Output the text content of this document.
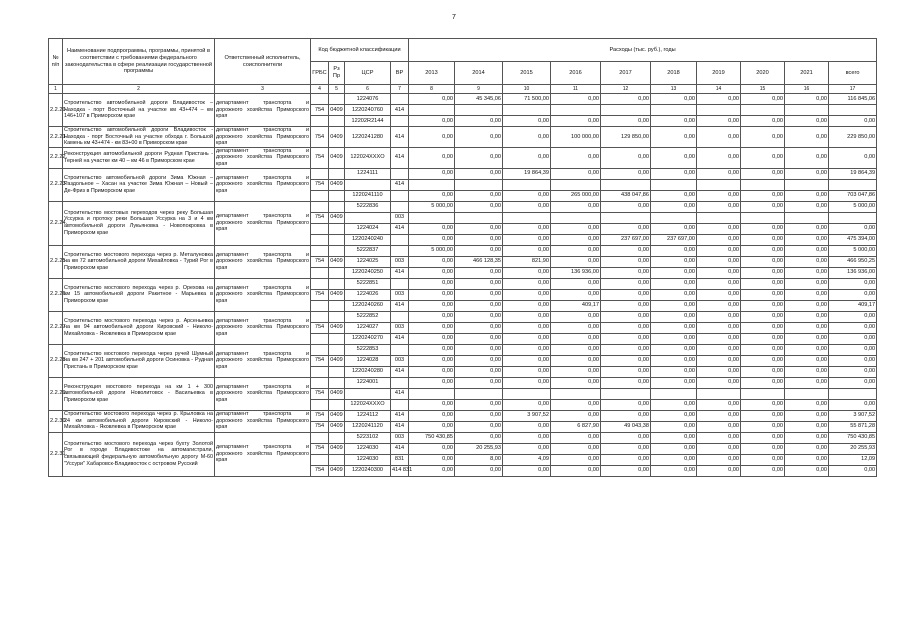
7
№ п/п	Наименование подпрограммы, программы, принятой в соответствии с требованиями федерального законодательства в сфере реализации государственной программы	Ответственный исполнитель, соисполнители	Код бюджетной классификации				Расходы (тыс. руб.), годы									
			ГРБС	Рз Пр	ЦСР	ВР	2013	2014	2015	2016	2017	2018	2019	2020	2021	всего
1	2	3	4	5	6	7	8	9	10	11	12	13	14	15	16	17
2.2.20.	Строительство автомобильной дороги Владивосток – Находка - порт Восточный на участке км 43+474 – км 146+107 в Приморском крае	департамент транспорта и дорожного хозяйства Приморского края			1224076		0,00	45 345,06	71 500,00	0,00	0,00	0,00	0,00	0,00	0,00	116 845,06
			754	0409	1220240760	414										
					12202R2144		0,00	0,00	0,00	0,00	0,00	0,00	0,00	0,00	0,00	0,00
2.2.21.	Строительство автомобильной дороги Владивосток - Находка - порт Восточный на участке обхода г. Большой Камень км 43+474 - км 83+00 в Приморском крае	департамент транспорта и дорожного хозяйства Приморского края	754	0409	1220241280	414	0,00	0,00	0,00	100 000,00	129 850,00	0,00	0,00	0,00	0,00	229 850,00
2.2.22.	Реконструкция автомобильной дороги Рудная Пристань - Терней на участке км 40 – км 46 в Приморском крае	департамент транспорта и дорожного хозяйства Приморского края	754	0409	122024XXXO	414	0,00	0,00	0,00	0,00	0,00	0,00	0,00	0,00	0,00	0,00
2.2.23.	Строительство автомобильной дороги Зима Южная – Раздольное – Хасан на участке Зима Южная – Новый – Де-Фриз в Приморском крае	департамент транспорта и дорожного хозяйства Приморского края			1224111		0,00	0,00	19 864,39	0,00	0,00	0,00	0,00	0,00	0,00	19 864,39
			754	0409		414										
					1220241110		0,00	0,00	0,00	265 000,00	438 047,86	0,00	0,00	0,00	0,00	703 047,86
2.2.24.	Строительство мостовых переходов через реку Большая Уссурка и протоку реки Большая Уссурка на 3 и 4 км автомобильной дороги Лукьяновка - Новопокровка в Приморском крае	департамент транспорта и дорожного хозяйства Приморского края			5222836		5 000,00	0,00	0,00	0,00	0,00	0,00	0,00	0,00	0,00	5 000,00
			754	0409		003										
					1224024	414	0,00	0,00	0,00	0,00	0,00	0,00	0,00	0,00	0,00	0,00
					1220240240		0,00	0,00	0,00	0,00	237 697,00	237 697,00	0,00	0,00	0,00	475 394,00
2.2.25.	Строительство мостового перехода через р. Металуновка на км 72 автомобильной дороги Михайловка - Турий Рог в Приморском крае	департамент транспорта и дорожного хозяйства Приморского края			5222837		5 000,00	0,00	0,00	0,00	0,00	0,00	0,00	0,00	0,00	5 000,00
			754	0409	1224025	003	0,00	466 128,35	821,90	0,00	0,00	0,00	0,00	0,00	0,00	466 950,25
					1220240250	414	0,00	0,00	0,00	136 936,00	0,00	0,00	0,00	0,00	0,00	136 936,00
2.2.26.	Строительство мостового перехода через р. Орехова на км 15 автомобильной дороги Ракитное - Марьевка в Приморском крае	департамент транспорта и дорожного хозяйства Приморского края			5222851		0,00	0,00	0,00	0,00	0,00	0,00	0,00	0,00	0,00	0,00
			754	0409	1224026	003	0,00	0,00	0,00	0,00	0,00	0,00	0,00	0,00	0,00	0,00
					1220240260	414	0,00	0,00	0,00	409,17	0,00	0,00	0,00	0,00	0,00	409,17
2.2.27.	Строительство мостового перехода через р. Арсеньевка на км 94 автомобильной дороги Кировский - Николо-Михайловка - Яковлевка в Приморском крае	департамент транспорта и дорожного хозяйства Приморского края			5222852		0,00	0,00	0,00	0,00	0,00	0,00	0,00	0,00	0,00	0,00
			754	0409	1224027	003	0,00	0,00	0,00	0,00	0,00	0,00	0,00	0,00	0,00	0,00
					1220240270	414	0,00	0,00	0,00	0,00	0,00	0,00	0,00	0,00	0,00	0,00
2.2.28.	Строительство мостового перехода через ручей Шумный на км 247 + 201 автомобильной дороги Осиновка - Рудная Пристань в Приморском крае	департамент транспорта и дорожного хозяйства Приморского края			5222853		0,00	0,00	0,00	0,00	0,00	0,00	0,00	0,00	0,00	0,00
			754	0409	1224028	003	0,00	0,00	0,00	0,00	0,00	0,00	0,00	0,00	0,00	0,00
					1220240280	414	0,00	0,00	0,00	0,00	0,00	0,00	0,00	0,00	0,00	0,00
2.2.29.	Реконструкция мостового перехода на км 1 + 300 автомобильной дороги Новолитовск - Васильевка в Приморском крае	департамент транспорта и дорожного хозяйства Приморского края			1224001		0,00	0,00	0,00	0,00	0,00	0,00	0,00	0,00	0,00	0,00
			754	0409		414										
					122024XXXO		0,00	0,00	0,00	0,00	0,00	0,00	0,00	0,00	0,00	0,00
2.2.30.	Строительство мостового перехода через р. Крыловка на 24 км автомобильной дороги Кировский - Николо-Михайловка - Яковлевка в Приморском крае	департамент транспорта и дорожного хозяйства Приморского края	754	0409	1224112	414	0,00	0,00	3 907,52	0,00	0,00	0,00	0,00	0,00	0,00	3 907,52
			754	0409	1220241120	414	0,00	0,00	0,00	6 827,90	49 043,38	0,00	0,00	0,00	0,00	55 871,28
2.2.31.	Строительство мостового перехода через бухту Золотой Рог в городе Владивостоке на автомагистрали, связывающей федеральную автомобильную дорогу М-60 "Уссури" Хабаровск-Владивосток с островом Русский	департамент транспорта и дорожного хозяйства Приморского края			5223102	003	750 430,85	0,00	0,00	0,00	0,00	0,00	0,00	0,00	0,00	750 430,85
			754	0409	1224030	414	0,00	20 255,93	0,00	0,00	0,00	0,00	0,00	0,00	0,00	20 255,93
					1224030	831	0,00	8,00	4,09	0,00	0,00	0,00	0,00	0,00	0,00	12,09
			754	0409	1220240300	414 831	0,00	0,00	0,00	0,00	0,00	0,00	0,00	0,00	0,00	0,00
